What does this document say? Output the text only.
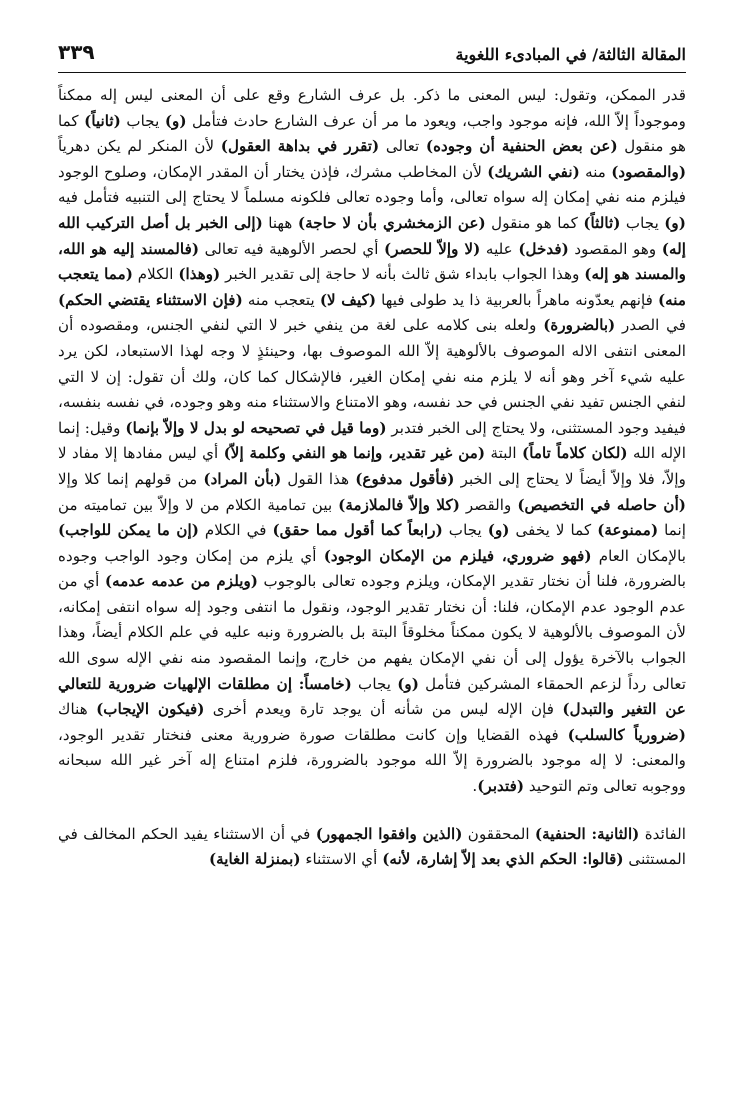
المقالة الثالثة/ في المبادىء اللغوية
٣٣٩

قدر الممكن، وتقول: ليس المعنى ما ذكر. بل عرف الشارع وقع على أن المعنى ليس إله ممكناً وموجوداً إلاّ الله، فإنه موجود واجب، ويعود ما مر أن عرف الشارع حادث فتأمل (و) يجاب (ثانياً) كما هو منقول (عن بعض الحنفية أن وجوده) تعالى (تقرر في بداهة العقول) لأن المنكر لم يكن دهرياً (والمقصود) منه (نفي الشريك) لأن المخاطب مشرك، فإذن يختار أن المقدر الإمكان، وصلوح الوجود فيلزم منه نفي إمكان إله سواه تعالى، وأما وجوده تعالى فلكونه مسلماً لا يحتاج إلى التنبيه فتأمل فيه (و) يجاب (ثالثاً) كما هو منقول (عن الزمخشري بأن لا حاجة) ههنا (إلى الخبر بل أصل التركيب الله إله) وهو المقصود (فدخل) عليه (لا وإلاّ للحصر) أي لحصر الألوهية فيه تعالى (فالمسند إليه هو الله، والمسند هو إله) وهذا الجواب بابداء شق ثالث بأنه لا حاجة إلى تقدير الخبر (وهذا) الكلام (مما يتعجب منه) فإنهم يعدّونه ماهراً بالعربية ذا يد طولى فيها (كيف لا) يتعجب منه (فإن الاستثناء يقتضي الحكم) في الصدر (بالضرورة) ولعله بنى كلامه على لغة من ينفي خبر لا التي لنفي الجنس، ومقصوده أن المعنى انتفى الاله الموصوف بالألوهية إلاّ الله الموصوف بها، وحينئذٍ لا وجه لهذا الاستبعاد، لكن يرد عليه شيء آخر وهو أنه لا يلزم منه نفي إمكان الغير، فالإشكال كما كان، ولك أن تقول: إن لا التي لنفي الجنس تفيد نفي الجنس في حد نفسه، وهو الامتناع والاستثناء منه وهو وجوده، في نفسه بنفسه، فيفيد وجود المستثنى، ولا يحتاج إلى الخبر فتدبر (وما قيل في تصحيحه لو بدل لا وإلاّ بإنما) وقيل: إنما الإله الله (لكان كلاماً تاماً) البتة (من غير تقدير، وإنما هو النفي وكلمة إلاّ) أي ليس مفادها إلا مفاد لا وإلاّ، فلا وإلاّ أيضاً لا يحتاج إلى الخبر (فأقول مدفوع) هذا القول (بأن المراد) من قولهم إنما كلا وإلا (أن حاصله في التخصيص) والقصر (كلا وإلاّ فالملازمة) بين تمامية الكلام من لا وإلاّ بين تماميته من إنما (ممنوعة) كما لا يخفى (و) يجاب (رابعاً كما أقول مما حقق) في الكلام (إن ما يمكن للواجب) بالإمكان العام (فهو ضروري، فيلزم من الإمكان الوجود) أي يلزم من إمكان وجود الواجب وجوده بالضرورة، فلنا أن نختار تقدير الإمكان، ويلزم وجوده تعالى بالوجوب (ويلزم من عدمه عدمه) أي من عدم الوجود عدم الإمكان، فلنا: أن نختار تقدير الوجود، ونقول ما انتفى وجود إله سواه انتفى إمكانه، لأن الموصوف بالألوهية لا يكون ممكناً مخلوقاً البتة بل بالضرورة ونبه عليه في علم الكلام أيضاً، وهذا الجواب بالآخرة يؤول إلى أن نفي الإمكان يفهم من خارج، وإنما المقصود منه نفي الإله سوى الله تعالى رداً لزعم الحمقاء المشركين فتأمل (و) يجاب (خامساً: إن مطلقات الإلهيات ضرورية للتعالي عن التغير والتبدل) فإن الإله ليس من شأنه أن يوجد تارة ويعدم أخرى (فيكون الإيجاب) هناك (ضرورياً كالسلب) فهذه القضايا وإن كانت مطلقات صورة ضرورية معنى فنختار تقدير الوجود، والمعنى: لا إله موجود بالضرورة إلاّ الله موجود بالضرورة، فلزم امتناع إله آخر غير الله سبحانه ووجوبه تعالى وتم التوحيد (فتدبر).

الفائدة (الثانية: الحنفية) المحققون (الذين وافقوا الجمهور) في أن الاستثناء يفيد الحكم المخالف في المستثنى (قالوا: الحكم الذي بعد إلاّ إشارة، لأنه) أي الاستثناء (بمنزلة الغاية)
